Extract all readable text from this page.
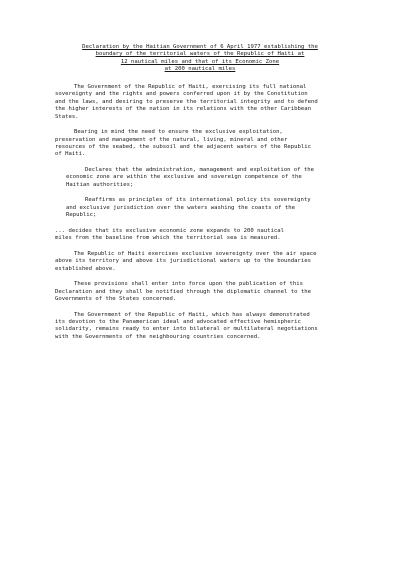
Declaration by the Haitian Government of 6 April 1977 establishing the
boundary of the territorial waters of the Republic of Haiti at
12 nautical miles and that of its Economic Zone
at 200 nautical miles

The Government of the Republic of Haiti, exercising its full national
sovereignty and the rights and powers conferred upon it by the Constitution
and the laws, and desiring to preserve the territorial integrity and to defend
the higher interests of the nation in its relations with the other Caribbean
States.

Bearing in mind the need to ensure the exclusive exploitation,
preservation and management of the natural, living, mineral and other
resources of the seabed, the subsoil and the adjacent waters of the Republic
of Haiti.

Declares that the administration, management and exploitation of the
economic zone are within the exclusive and sovereign competence of the
Haitian authorities;

Reaffirms as principles of its international policy its sovereignty
and exclusive jurisdiction over the waters washing the coasts of the
Republic;

... decides that its exclusive economic zone expands to 200 nautical
miles from the baseline from which the territorial sea is measured.

The Republic of Haiti exercises exclusive sovereignty over the air space
above its territory and above its jurisdictional waters up to the boundaries
established above.

These provisions shall enter into force upon the publication of this
Declaration and they shall be notified through the diplomatic channel to the
Governments of the States concerned.

The Government of the Republic of Haiti, which has always demonstrated
its devotion to the Panamerican ideal and advocated effective hemispheric
solidarity, remains ready to enter into bilateral or multilateral negotiations
with the Governments of the neighbouring countries concerned.
